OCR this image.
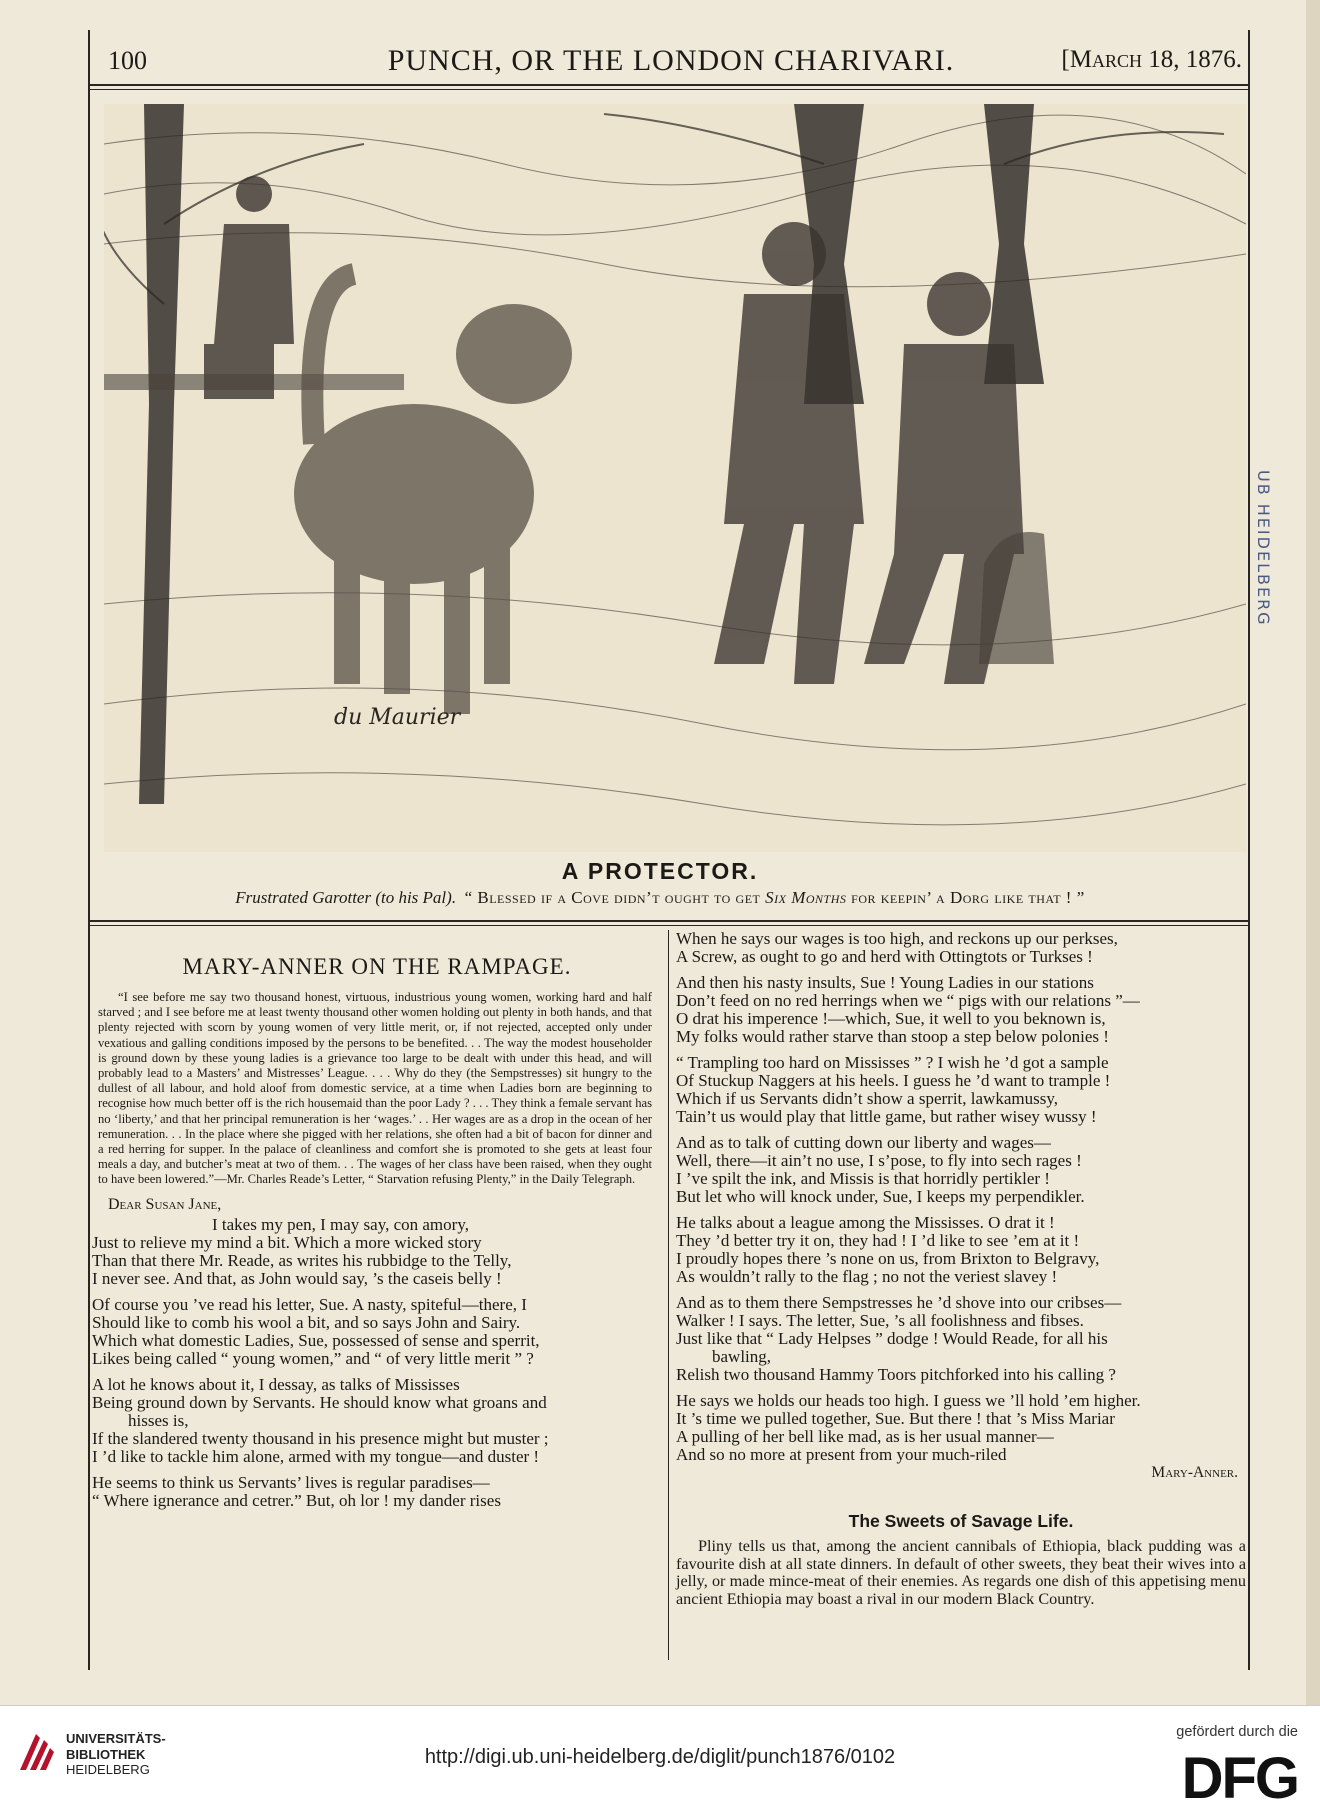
100	PUNCH, OR THE LONDON CHARIVARI.	[March 18, 1876.
du Maurier
UB HEIDELBERG
A PROTECTOR.
Frustrated Garotter (to his Pal). “ Blessed if a Cove didn’t ought to get Six Months for keepin’ a Dorg like that ! ”
MARY-ANNER ON THE RAMPAGE.
“I see before me say two thousand honest, virtuous, industrious young women, working hard and half starved ; and I see before me at least twenty thousand other women holding out plenty in both hands, and that plenty rejected with scorn by young women of very little merit, or, if not rejected, accepted only under vexatious and galling conditions imposed by the persons to be benefited. . . The way the modest householder is ground down by these young ladies is a grievance too large to be dealt with under this head, and will probably lead to a Masters’ and Mistresses’ League. . . . Why do they (the Sempstresses) sit hungry to the dullest of all labour, and hold aloof from domestic service, at a time when Ladies born are beginning to recognise how much better off is the rich housemaid than the poor Lady ? . . . They think a female servant has no ‘liberty,’ and that her principal remuneration is her ‘wages.’ . . Her wages are as a drop in the ocean of her remuneration. . . In the place where she pigged with her relations, she often had a bit of bacon for dinner and a red herring for supper. In the palace of cleanliness and comfort she is promoted to she gets at least four meals a day, and butcher’s meat at two of them. . . The wages of her class have been raised, when they ought to have been lowered.”—Mr. Charles Reade’s Letter, “ Starvation refusing Plenty,” in the Daily Telegraph.
Dear Susan Jane,
I takes my pen, I may say, con amory,
Just to relieve my mind a bit. Which a more wicked story
Than that there Mr. Reade, as writes his rubbidge to the Telly,
I never see. And that, as John would say, ’s the caseis belly !
Of course you ’ve read his letter, Sue. A nasty, spiteful—there, I
Should like to comb his wool a bit, and so says John and Sairy.
Which what domestic Ladies, Sue, possessed of sense and sperrit,
Likes being called “ young women,” and “ of very little merit ” ?
A lot he knows about it, I dessay, as talks of Mississes
Being ground down by Servants. He should know what groans and
hisses is,
If the slandered twenty thousand in his presence might but muster ;
I ’d like to tackle him alone, armed with my tongue—and duster !
He seems to think us Servants’ lives is regular paradises—
“ Where ignerance and cetrer.” But, oh lor ! my dander rises
When he says our wages is too high, and reckons up our perkses,
A Screw, as ought to go and herd with Ottingtots or Turkses !
And then his nasty insults, Sue ! Young Ladies in our stations
Don’t feed on no red herrings when we “ pigs with our relations ”—
O drat his imperence !—which, Sue, it well to you beknown is,
My folks would rather starve than stoop a step below polonies !
“ Trampling too hard on Mississes ” ? I wish he ’d got a sample
Of Stuckup Naggers at his heels. I guess he ’d want to trample !
Which if us Servants didn’t show a sperrit, lawkamussy,
Tain’t us would play that little game, but rather wisey wussy !
And as to talk of cutting down our liberty and wages—
Well, there—it ain’t no use, I s’pose, to fly into sech rages !
I ’ve spilt the ink, and Missis is that horridly pertikler !
But let who will knock under, Sue, I keeps my perpendikler.
He talks about a league among the Mississes. O drat it !
They ’d better try it on, they had ! I ’d like to see ’em at it !
I proudly hopes there ’s none on us, from Brixton to Belgravy,
As wouldn’t rally to the flag ; no not the veriest slavey !
And as to them there Sempstresses he ’d shove into our cribses—
Walker ! I says. The letter, Sue, ’s all foolishness and fibses.
Just like that “ Lady Helpses ” dodge ! Would Reade, for all his
bawling,
Relish two thousand Hammy Toors pitchforked into his calling ?
He says we holds our heads too high. I guess we ’ll hold ’em higher.
It ’s time we pulled together, Sue. But there ! that ’s Miss Mariar
A pulling of her bell like mad, as is her usual manner—
And so no more at present from your much-riled
Mary-Anner.
The Sweets of Savage Life.
Pliny tells us that, among the ancient cannibals of Ethiopia, black pudding was a favourite dish at all state dinners. In default of other sweets, they beat their wives into a jelly, or made mince-meat of their enemies. As regards one dish of this appetising menu ancient Ethiopia may boast a rival in our modern Black Country.
UNIVERSITÄTS-
BIBLIOTHEK
HEIDELBERG
http://digi.ub.uni-heidelberg.de/diglit/punch1876/0102
gefördert durch die
DFG
